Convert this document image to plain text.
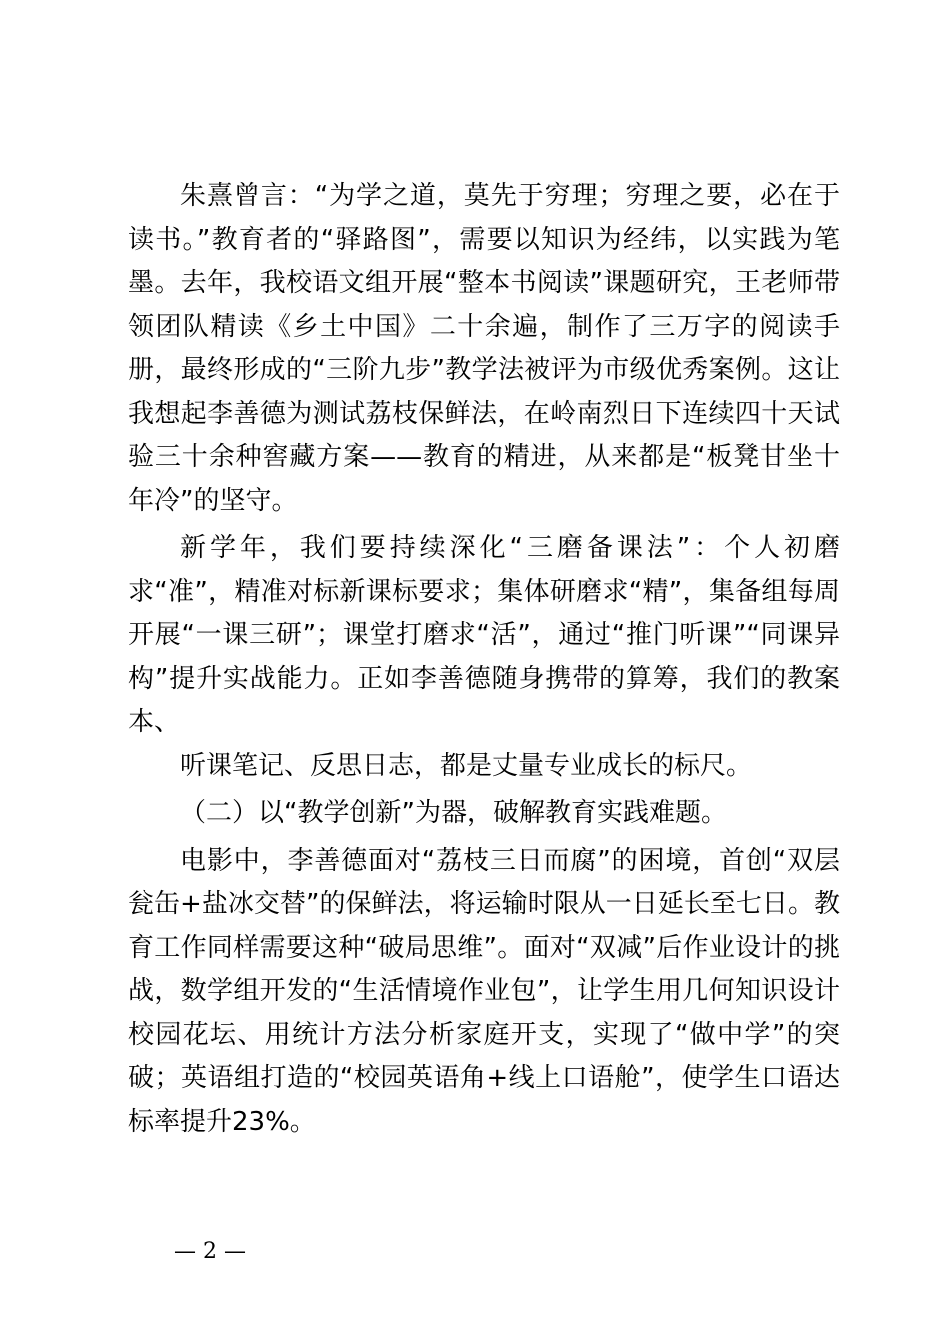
朱熹曾言：“为学之道，莫先于穷理；穷理之要，必在于读书。”教育者的“驿路图”，需要以知识为经纬，以实践为笔墨。去年，我校语文组开展“整本书阅读”课题研究，王老师带领团队精读《乡土中国》二十余遍，制作了三万字的阅读手册，最终形成的“三阶九步”教学法被评为市级优秀案例。这让我想起李善德为测试荔枝保鲜法，在岭南烈日下连续四十天试验三十余种窖藏方案——教育的精进，从来都是“板凳甘坐十年冷”的坚守。

新学年，我们要持续深化“三磨备课法”：个人初磨求“准”，精准对标新课标要求；集体研磨求“精”，集备组每周开展“一课三研”；课堂打磨求“活”，通过“推门听课”“同课异构”提升实战能力。正如李善德随身携带的算筹，我们的教案本、

听课笔记、反思日志，都是丈量专业成长的标尺。

（二）以“教学创新”为器，破解教育实践难题。

电影中，李善德面对“荔枝三日而腐”的困境，首创“双层瓮缶+盐冰交替”的保鲜法，将运输时限从一日延长至七日。教育工作同样需要这种“破局思维”。面对“双减”后作业设计的挑战，数学组开发的“生活情境作业包”，让学生用几何知识设计校园花坛、用统计方法分析家庭开支，实现了“做中学”的突破；英语组打造的“校园英语角+线上口语舱”，使学生口语达标率提升23%。

— 2 —
